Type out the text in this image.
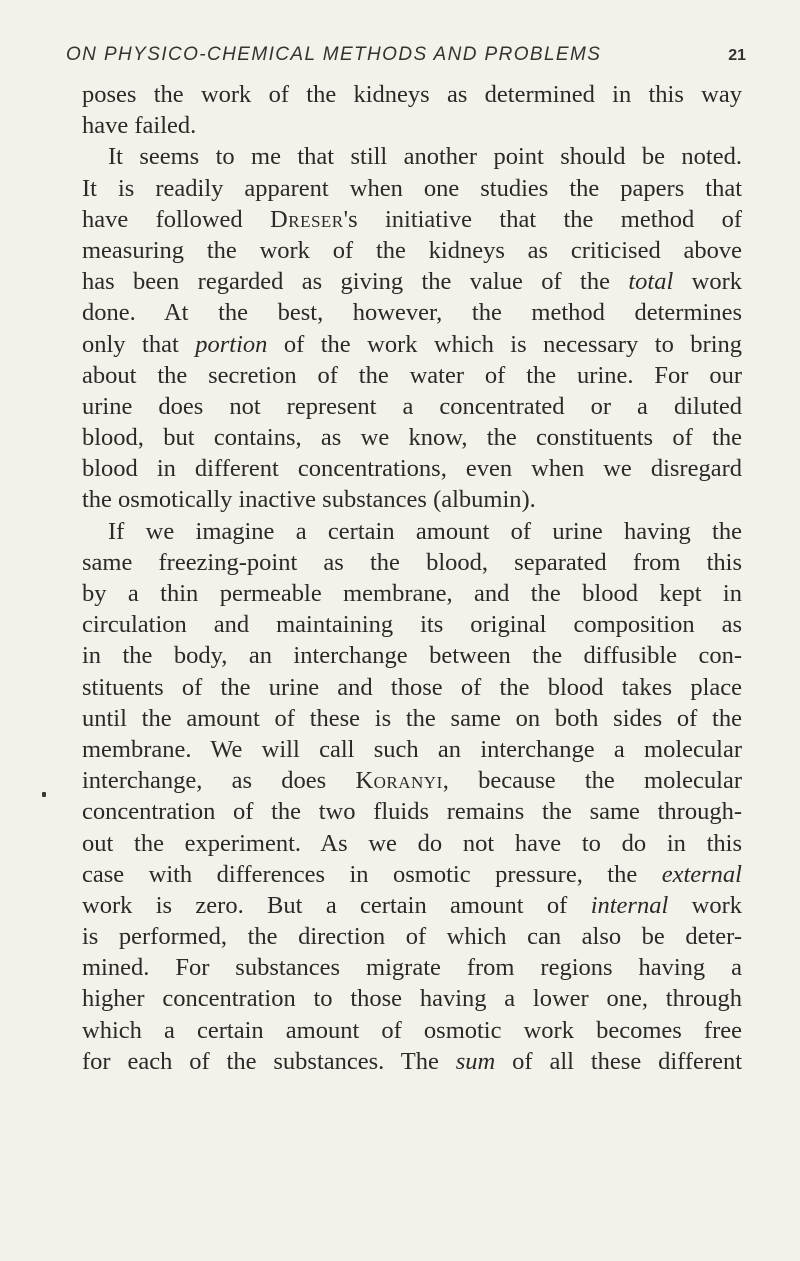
ON PHYSICO-CHEMICAL METHODS AND PROBLEMS	21
poses the work of the kidneys as determined in this way
have failed.
It seems to me that still another point should be noted.
It is readily apparent when one studies the papers that
have followed Dreser's initiative that the method of
measuring the work of the kidneys as criticised above
has been regarded as giving the value of the total work
done. At the best, however, the method determines
only that portion of the work which is necessary to bring
about the secretion of the water of the urine. For our
urine does not represent a concentrated or a diluted
blood, but contains, as we know, the constituents of the
blood in different concentrations, even when we disregard
the osmotically inactive substances (albumin).
If we imagine a certain amount of urine having the
same freezing-point as the blood, separated from this
by a thin permeable membrane, and the blood kept in
circulation and maintaining its original composition as
in the body, an interchange between the diffusible con-
stituents of the urine and those of the blood takes place
until the amount of these is the same on both sides of the
membrane. We will call such an interchange a molecular
interchange, as does Koranyi, because the molecular
concentration of the two fluids remains the same through-
out the experiment. As we do not have to do in this
case with differences in osmotic pressure, the external
work is zero. But a certain amount of internal work
is performed, the direction of which can also be deter-
mined. For substances migrate from regions having a
higher concentration to those having a lower one, through
which a certain amount of osmotic work becomes free
for each of the substances. The sum of all these different
